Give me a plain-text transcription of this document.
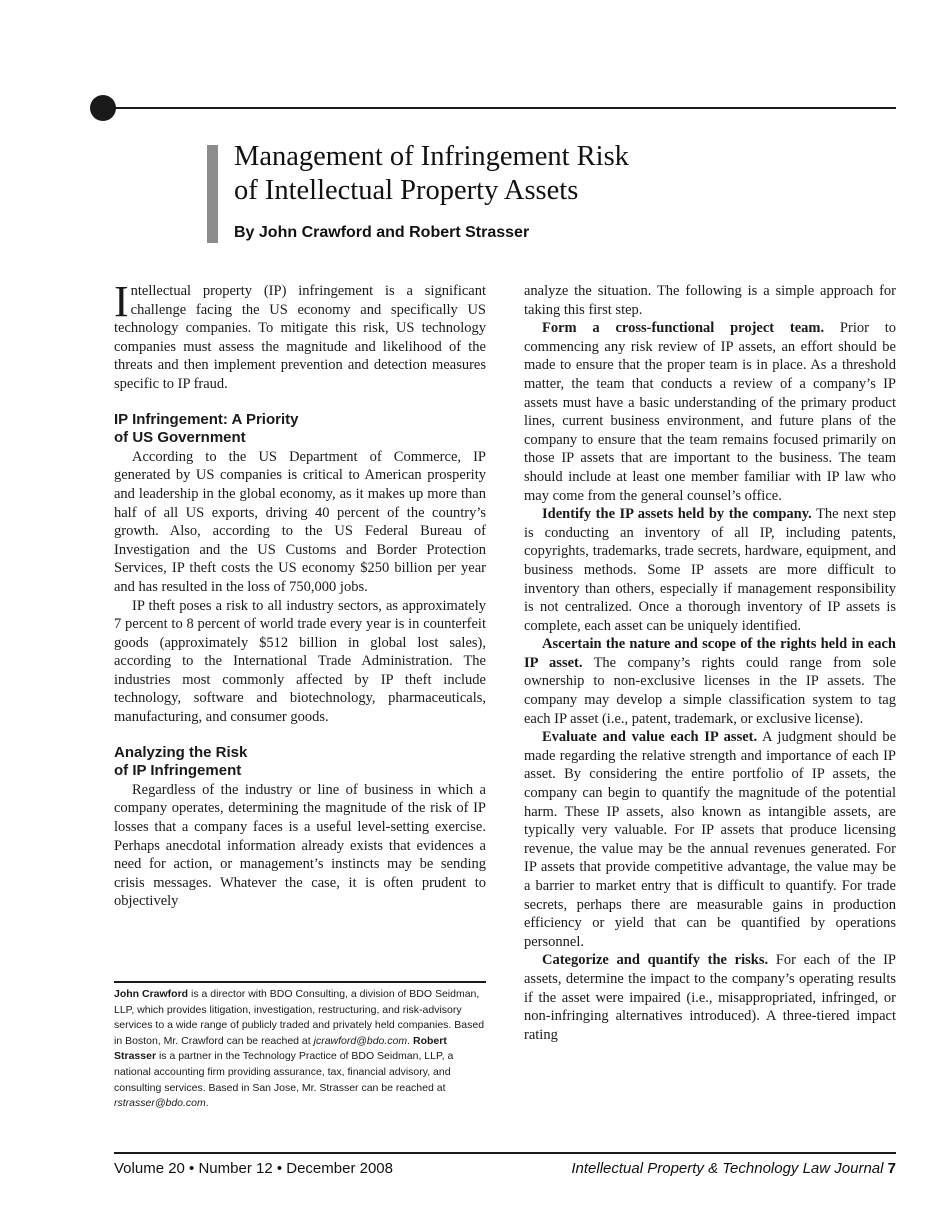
Management of Infringement Risk
of Intellectual Property Assets
By John Crawford and Robert Strasser

Intellectual property (IP) infringement is a significant challenge facing the US economy and specifically US technology companies. To mitigate this risk, US technology companies must assess the magnitude and likelihood of the threats and then implement prevention and detection measures specific to IP fraud.

IP Infringement: A Priority
of US Government

According to the US Department of Commerce, IP generated by US companies is critical to American prosperity and leadership in the global economy, as it makes up more than half of all US exports, driving 40 percent of the country’s growth. Also, according to the US Federal Bureau of Investigation and the US Customs and Border Protection Services, IP theft costs the US economy $250 billion per year and has resulted in the loss of 750,000 jobs.

IP theft poses a risk to all industry sectors, as approximately 7 percent to 8 percent of world trade every year is in counterfeit goods (approximately $512 billion in global lost sales), according to the International Trade Administration. The industries most commonly affected by IP theft include technology, software and biotechnology, pharmaceuticals, manufacturing, and consumer goods.

Analyzing the Risk
of IP Infringement

Regardless of the industry or line of business in which a company operates, determining the magnitude of the risk of IP losses that a company faces is a useful level-setting exercise. Perhaps anecdotal information already exists that evidences a need for action, or management’s instincts may be sending crisis messages. Whatever the case, it is often prudent to objectively

John Crawford is a director with BDO Consulting, a division of BDO Seidman, LLP, which provides litigation, investigation, restructuring, and risk-advisory services to a wide range of publicly traded and privately held companies. Based in Boston, Mr. Crawford can be reached at jcrawford@bdo.com. Robert Strasser is a partner in the Technology Practice of BDO Seidman, LLP, a national accounting firm providing assurance, tax, financial advisory, and consulting services. Based in San Jose, Mr. Strasser can be reached at rstrasser@bdo.com.

analyze the situation. The following is a simple approach for taking this first step.

Form a cross-functional project team. Prior to commencing any risk review of IP assets, an effort should be made to ensure that the proper team is in place. As a threshold matter, the team that conducts a review of a company’s IP assets must have a basic understanding of the primary product lines, current business environment, and future plans of the company to ensure that the team remains focused primarily on those IP assets that are important to the business. The team should include at least one member familiar with IP law who may come from the general counsel’s office.

Identify the IP assets held by the company. The next step is conducting an inventory of all IP, including patents, copyrights, trademarks, trade secrets, hardware, equipment, and business methods. Some IP assets are more difficult to inventory than others, especially if management responsibility is not centralized. Once a thorough inventory of IP assets is complete, each asset can be uniquely identified.

Ascertain the nature and scope of the rights held in each IP asset. The company’s rights could range from sole ownership to non-exclusive licenses in the IP assets. The company may develop a simple classification system to tag each IP asset (i.e., patent, trademark, or exclusive license).

Evaluate and value each IP asset. A judgment should be made regarding the relative strength and importance of each IP asset. By considering the entire portfolio of IP assets, the company can begin to quantify the magnitude of the potential harm. These IP assets, also known as intangible assets, are typically very valuable. For IP assets that produce licensing revenue, the value may be the annual revenues generated. For IP assets that provide competitive advantage, the value may be a barrier to market entry that is difficult to quantify. For trade secrets, perhaps there are measurable gains in production efficiency or yield that can be quantified by operations personnel.

Categorize and quantify the risks. For each of the IP assets, determine the impact to the company’s operating results if the asset were impaired (i.e., misappropriated, infringed, or non-infringing alternatives introduced). A three-tiered impact rating

Volume 20 • Number 12 • December 2008	Intellectual Property & Technology Law Journal 7
